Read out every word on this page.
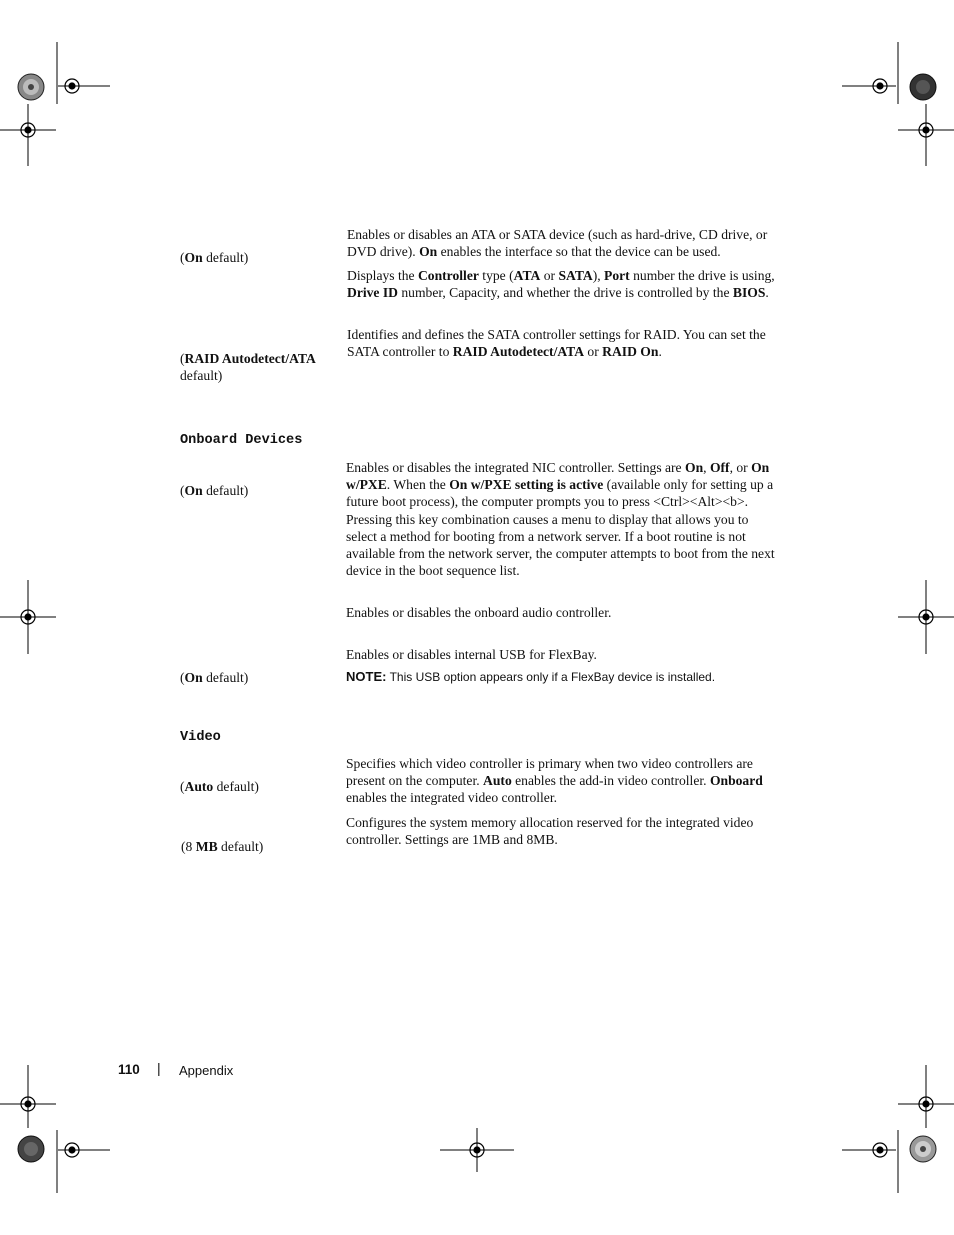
(On default)
Enables or disables an ATA or SATA device (such as hard-drive, CD drive, or DVD drive). On enables the interface so that the device can be used.
Displays the Controller type (ATA or SATA), Port number the drive is using, Drive ID number, Capacity, and whether the drive is controlled by the BIOS.
(RAID Autodetect/ATA default)
Identifies and defines the SATA controller settings for RAID. You can set the SATA controller to RAID Autodetect/ATA or RAID On.
Onboard Devices
(On default)
Enables or disables the integrated NIC controller. Settings are On, Off, or On w/PXE. When the On w/PXE setting is active (available only for setting up a future boot process), the computer prompts you to press <Ctrl><Alt><b>.
Pressing this key combination causes a menu to display that allows you to select a method for booting from a network server. If a boot routine is not available from the network server, the computer attempts to boot from the next device in the boot sequence list.
Enables or disables the onboard audio controller.
(On default)
Enables or disables internal USB for FlexBay.
NOTE: This USB option appears only if a FlexBay device is installed.
Video
(Auto default)
Specifies which video controller is primary when two video controllers are present on the computer. Auto enables the add-in video controller. Onboard enables the integrated video controller.
(8 MB default)
Configures the system memory allocation reserved for the integrated video controller. Settings are 1MB and 8MB.
110 | Appendix
